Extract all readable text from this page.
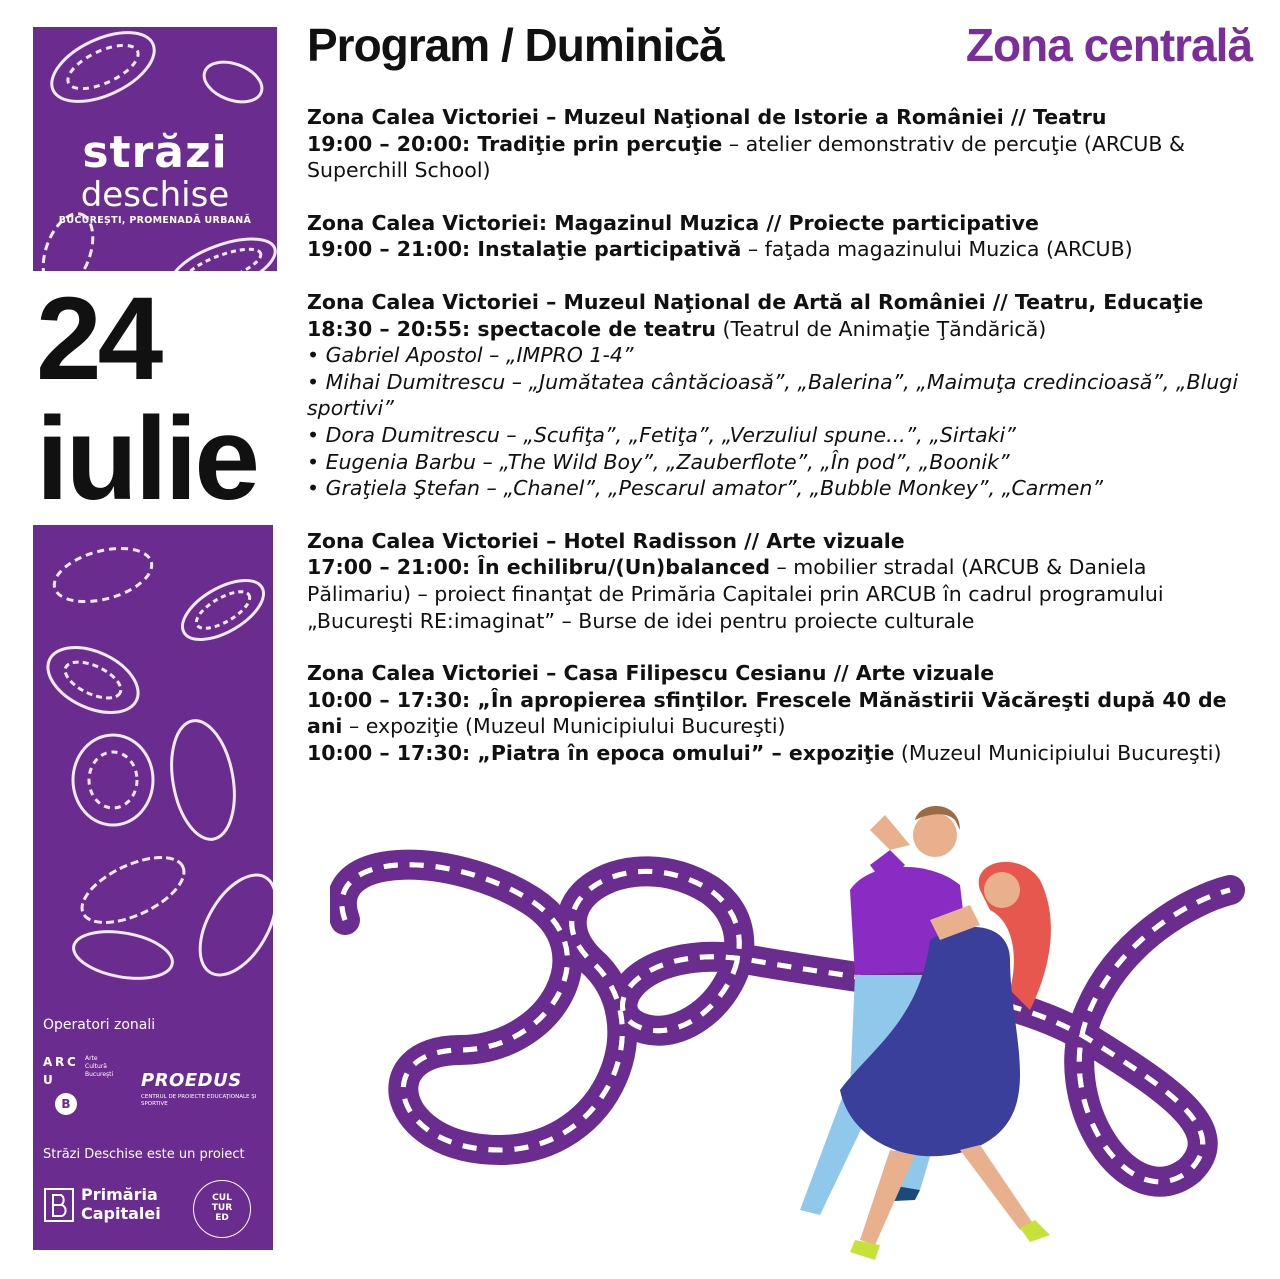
străzi
deschise
BUCUREȘTI, PROMENADĂ URBANĂ
24
iulie
Program / Duminică	Zona centrală

Zona Calea Victoriei – Muzeul Naţional de Istorie a României // Teatru

19:00 – 20:00: Tradiţie prin percuţie – atelier demonstrativ de percuţie (ARCUB & Superchill School)

Zona Calea Victoriei: Magazinul Muzica // Proiecte participative

19:00 – 21:00: Instalaţie participativă – faţada magazinului Muzica (ARCUB)

Zona Calea Victoriei – Muzeul Naţional de Artă al României // Teatru, Educaţie

18:30 – 20:55: spectacole de teatru (Teatrul de Animaţie Ţăndărică)

• Gabriel Apostol – „IMPRO 1-4”
• Mihai Dumitrescu – „Jumătatea cântăcioasă”, „Balerina”, „Maimuţa credincioasă”, „Blugi sportivi”
• Dora Dumitrescu – „Scufiţa”, „Fetiţa”, „Verzuliul spune...”, „Sirtaki”
• Eugenia Barbu – „The Wild Boy”, „Zauberflote”, „În pod”, „Boonik”
• Graţiela Ştefan – „Chanel”, „Pescarul amator”, „Bubble Monkey”, „Carmen”

Zona Calea Victoriei – Hotel Radisson // Arte vizuale

17:00 – 21:00: În echilibru/(Un)balanced – mobilier stradal (ARCUB & Daniela Pălimariu) – proiect finanţat de Primăria Capitalei prin ARCUB în cadrul programului „Bucureşti RE:imaginat” – Burse de idei pentru proiecte culturale

Zona Calea Victoriei – Casa Filipescu Cesianu // Arte vizuale

10:00 – 17:30: „În apropierea sfinţilor. Frescele Mănăstirii Văcăreşti după 40 de ani – expoziţie (Muzeul Municipiului Bucureşti)

10:00 – 17:30: „Piatra în epoca omului” – expoziţie (Muzeul Municipiului Bucureşti)

Operatori zonali
A R C
U
B
Arte
Cultură
Bucureşti PROEDUS
CENTRUL DE PROIECTE EDUCAŢIONALE ŞI SPORTIVE
Străzi Deschise este un proiect
Primăria
Capitalei
CUL
TUR
ED
